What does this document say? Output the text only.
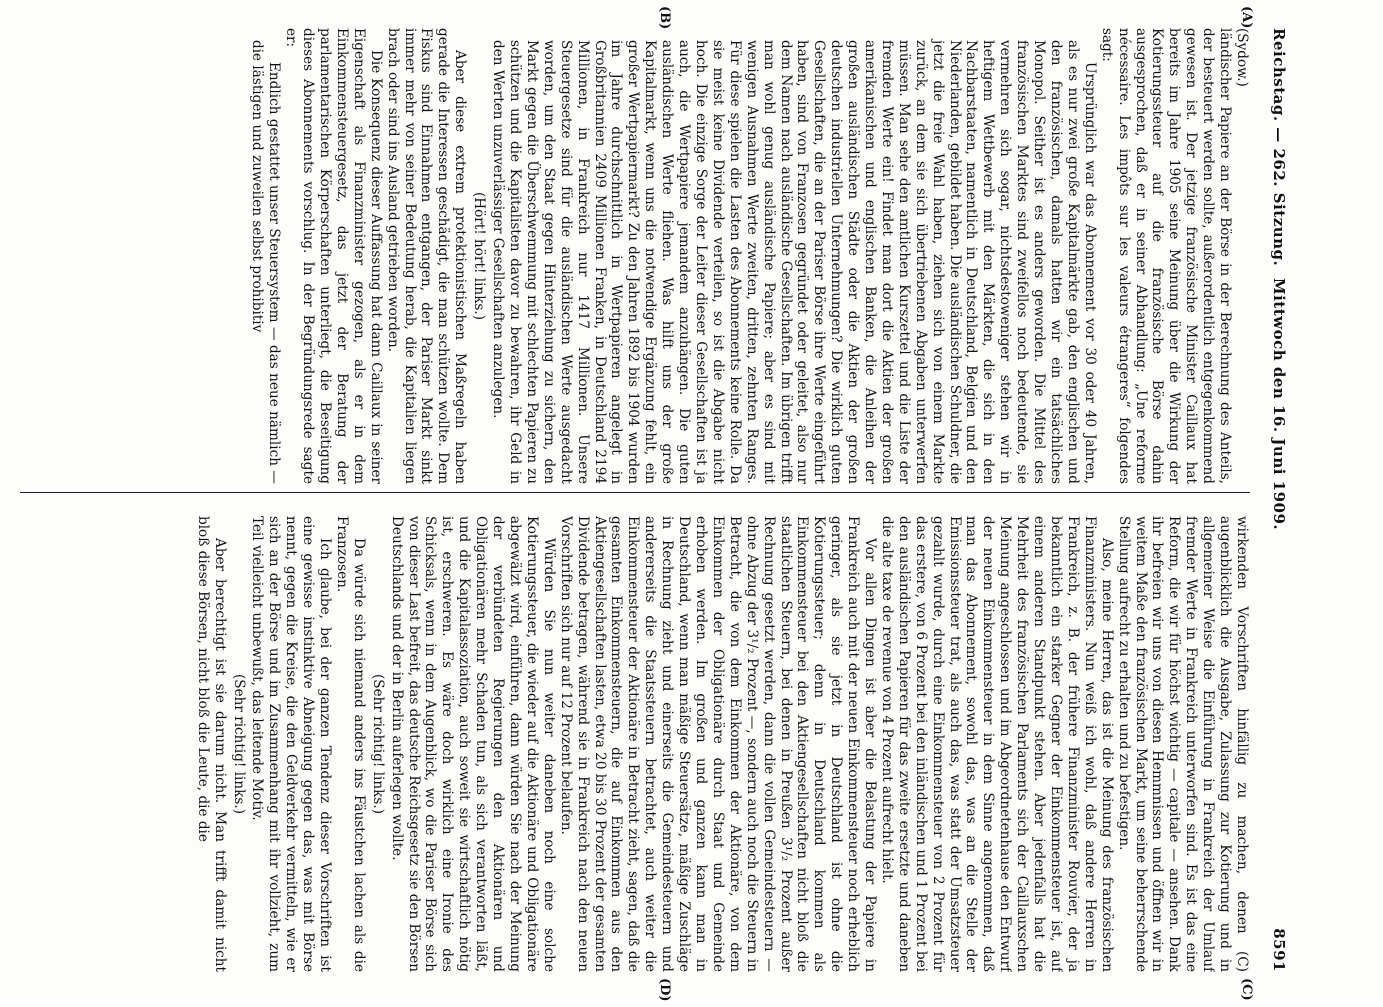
Reichstag. — 262. Sitzung.
Mittwoch den 16. Juni 1909.
8591
(A)
(B)
(C)
(D)

(Sydow.)

ländischer Papiere an der Börse in der Berechnung des Anteils, der besteuert werden sollte, außerordentlich entgegenkommend gewesen ist. Der jetzige französische Minister Caillaux hat bereits im Jahre 1905 seine Meinung über die Wirkung der Kotierungssteuer auf die französische Börse dahin ausgesprochen, daß er in seiner Abhandlung: „Une reforme nécessaire. Les impôts sur les valeurs étrangeres“ folgendes sagt:

Ursprünglich war das Abonnement vor 30 oder 40 Jahren, als es nur zwei große Kapitalmärkte gab, den englischen und den französischen, damals hatten wir ein tatsächliches Monopol. Seither ist es anders geworden. Die Mittel des französischen Marktes sind zweifellos noch bedeutende, sie vermehren sich sogar, nichtsdestoweniger stehen wir in heftigem Wettbewerb mit den Märkten, die sich in den Nachbarstaaten, namentlich in Deutschland, Belgien und den Niederlanden, gebildet haben. Die ausländischen Schuldner, die jetzt die freie Wahl haben, ziehen sich von einem Markte zurück, an dem sie sich übertriebenen Abgaben unterwerfen müssen. Man sehe den amtlichen Kurszettel und die Liste der fremden Werte ein! Findet man dort die Aktien der großen amerikanischen und englischen Banken, die Anleihen der großen ausländischen Städte oder die Aktien der großen deutschen industriellen Unternehmungen? Die wirklich guten Gesellschaften, die an der Pariser Börse ihre Werte eingeführt haben, sind von Franzosen gegründet oder geleitet, also nur dem Namen nach ausländische Gesellschaften. Im übrigen trifft man wohl genug ausländische Papiere; aber es sind mit wenigen Ausnahmen Werte zweiten, dritten, zehnten Ranges. Für diese spielen die Lasten des Abonnements keine Rolle. Da sie meist keine Dividende verteilen, so ist die Abgabe nicht hoch. Die einzige Sorge der Leiter dieser Gesellschaften ist ja auch, die Wertpapiere jemandem anzuhängen. Die guten ausländischen Werte fliehen. Was hilft uns der große Kapitalmarkt, wenn uns die notwendige Ergänzung fehlt, ein großer Wertpapiermarkt? Zu den Jahren 1892 bis 1904 wurden im Jahre durchschnittlich in Wertpapieren angelegt in Großbritannien 2409 Millionen Franken, in Deutschland 2194 Millionen, in Frankreich nur 1417 Millionen. Unsere Steuergesetze sind für die ausländischen Werte ausgedacht worden, um den Staat gegen Hinterziehung zu sichern, den Markt gegen die Überschwemmung mit schlechten Papieren zu schützen und die Kapitalisten davor zu bewahren, ihr Geld in den Werten unzuverlässiger Gesellschaften anzulegen.

(Hört! hört! links.)

Aber diese extrem protektionistischen Maßregeln haben gerade die Interessen geschädigt, die man schützen wollte. Dem Fiskus sind Einnahmen entgangen, der Pariser Markt sinkt immer mehr von seiner Bedeutung herab, die Kapitalien liegen brach oder sind ins Ausland getrieben worden.

Die Konsequenz dieser Auffassung hat dann Caillaux in seiner Eigenschaft als Finanzminister gezogen, als er in dem Einkommensteuergesetz, das jetzt der Beratung der parlamentarischen Körperschaften unterliegt, die Beseitigung dieses Abonnements vorschlug. In der Begründungsrede sagte er:

Endlich gestattet unser Steuersystem — das neue nämlich — die lästigen und zuweilen selbst prohibitiv

wirkenden Vorschriften hinfällig zu machen, denen (C) augenblicklich die Ausgabe, Zulassung zur Kotierung und in allgemeiner Weise die Einführung in Frankreich der Umlauf fremder Werte in Frankreich unterworfen sind. Es ist das eine Reform, die wir für höchst wichtig — capitale — ansehen. Dank ihr befreien wir uns von diesen Hemmnissen und öffnen wir in weitem Maße den französischen Markt, um seine beherrschende Stellung aufrecht zu erhalten und zu befestigen.

Also, meine Herren, das ist die Meinung des französischen Finanzministers. Nun weiß ich wohl, daß andere Herren in Frankreich, z. B. der frühere Finanzminister Rouvier, der ja bekanntlich ein starker Gegner der Einkommensteuer ist, auf einem anderen Standpunkt stehen. Aber jedenfalls hat die Mehrheit des französischen Parlaments sich der Caillauxschen Meinung angeschlossen und im Abgeordnetenhause den Entwurf der neuen Einkommensteuer in dem Sinne angenommen, daß man das Abonnement, sowohl das, was an die Stelle der Emissionssteuer trat, als auch das, was statt der Umsatzsteuer gezahlt wurde, durch eine Einkommensteuer von 2 Prozent für das erstere, von 6 Prozent bei den inländischen und 1 Prozent bei den ausländischen Papieren für das zweite ersetzte und daneben die alte taxe de revenue von 4 Prozent aufrecht hielt.

Vor allen Dingen ist aber die Belastung der Papiere in Frankreich auch mit der neuen Einkommensteuer noch erheblich geringer, als sie jetzt in Deutschland ist ohne die Kotierungssteuer; denn in Deutschland kommen als Einkommensteuer bei den Aktiengesellschaften nicht bloß die staatlichen Steuern, bei denen in Preußen 3¹/₂ Prozent außer Rechnung gesetzt werden, dann die vollen Gemeindesteuern — ohne Abzug der 3¹/₂ Prozent —, sondern auch noch die Steuern in Betracht, die von dem Einkommen der Aktionäre, von dem Einkommen der Obligationäre durch Staat und Gemeinde erhoben werden. Im großen und ganzen kann man in Deutschland, wenn man mäßige Steuersätze, mäßige Zuschläge in Rechnung zieht und einerseits die Gemeindesteuern und andererseits die Staatssteuern betrachtet, auch weiter die Einkommensteuer der Aktionäre in Betracht zieht, sagen, daß die gesamten Einkommensteuern, die auf Einkommen aus den Aktiengesellschaften lasten, etwa 20 bis 30 Prozent der gesamten Dividende betragen, während sie in Frankreich nach den neuen Vorschriften sich nur auf 12 Prozent belaufen.

Würden Sie nun weiter daneben noch eine solche Kotierungssteuer, die wieder auf die Aktionäre und Obligationäre abgewälzt wird, einführen, dann würden Sie nach der Meinung der verbündeten Regierungen den Aktionären und Obligationären mehr Schaden tun, als sich verantworten läßt, und die Kapitalassoziation, auch soweit sie wirtschaftlich nötig ist, erschweren. Es wäre doch wirklich eine Ironie des Schicksals, wenn in dem Augenblick, wo die Pariser Börse sich von dieser Last befreit, das deutsche Reichsgesetz sie den Börsen Deutschlands und der in Berlin auferlegen wollte.

(Sehr richtig! links.)

Da würde sich niemand anders ins Fäustchen lachen als die Franzosen.

Ich glaube, bei der ganzen Tendenz dieser Vorschriften ist eine gewisse instinktive Abneigung gegen das, was mit Börse nennt, gegen die Kreise, die den Geldverkehr vermitteln, wie er sich an der Börse und im Zusammenhang mit ihr vollzieht, zum Teil vielleicht unbewußt, das leitende Motiv.

(Sehr richtig! links.)

Aber berechtigt ist sie darum nicht. Man trifft damit nicht bloß diese Börsen, nicht bloß die Leute, die die
